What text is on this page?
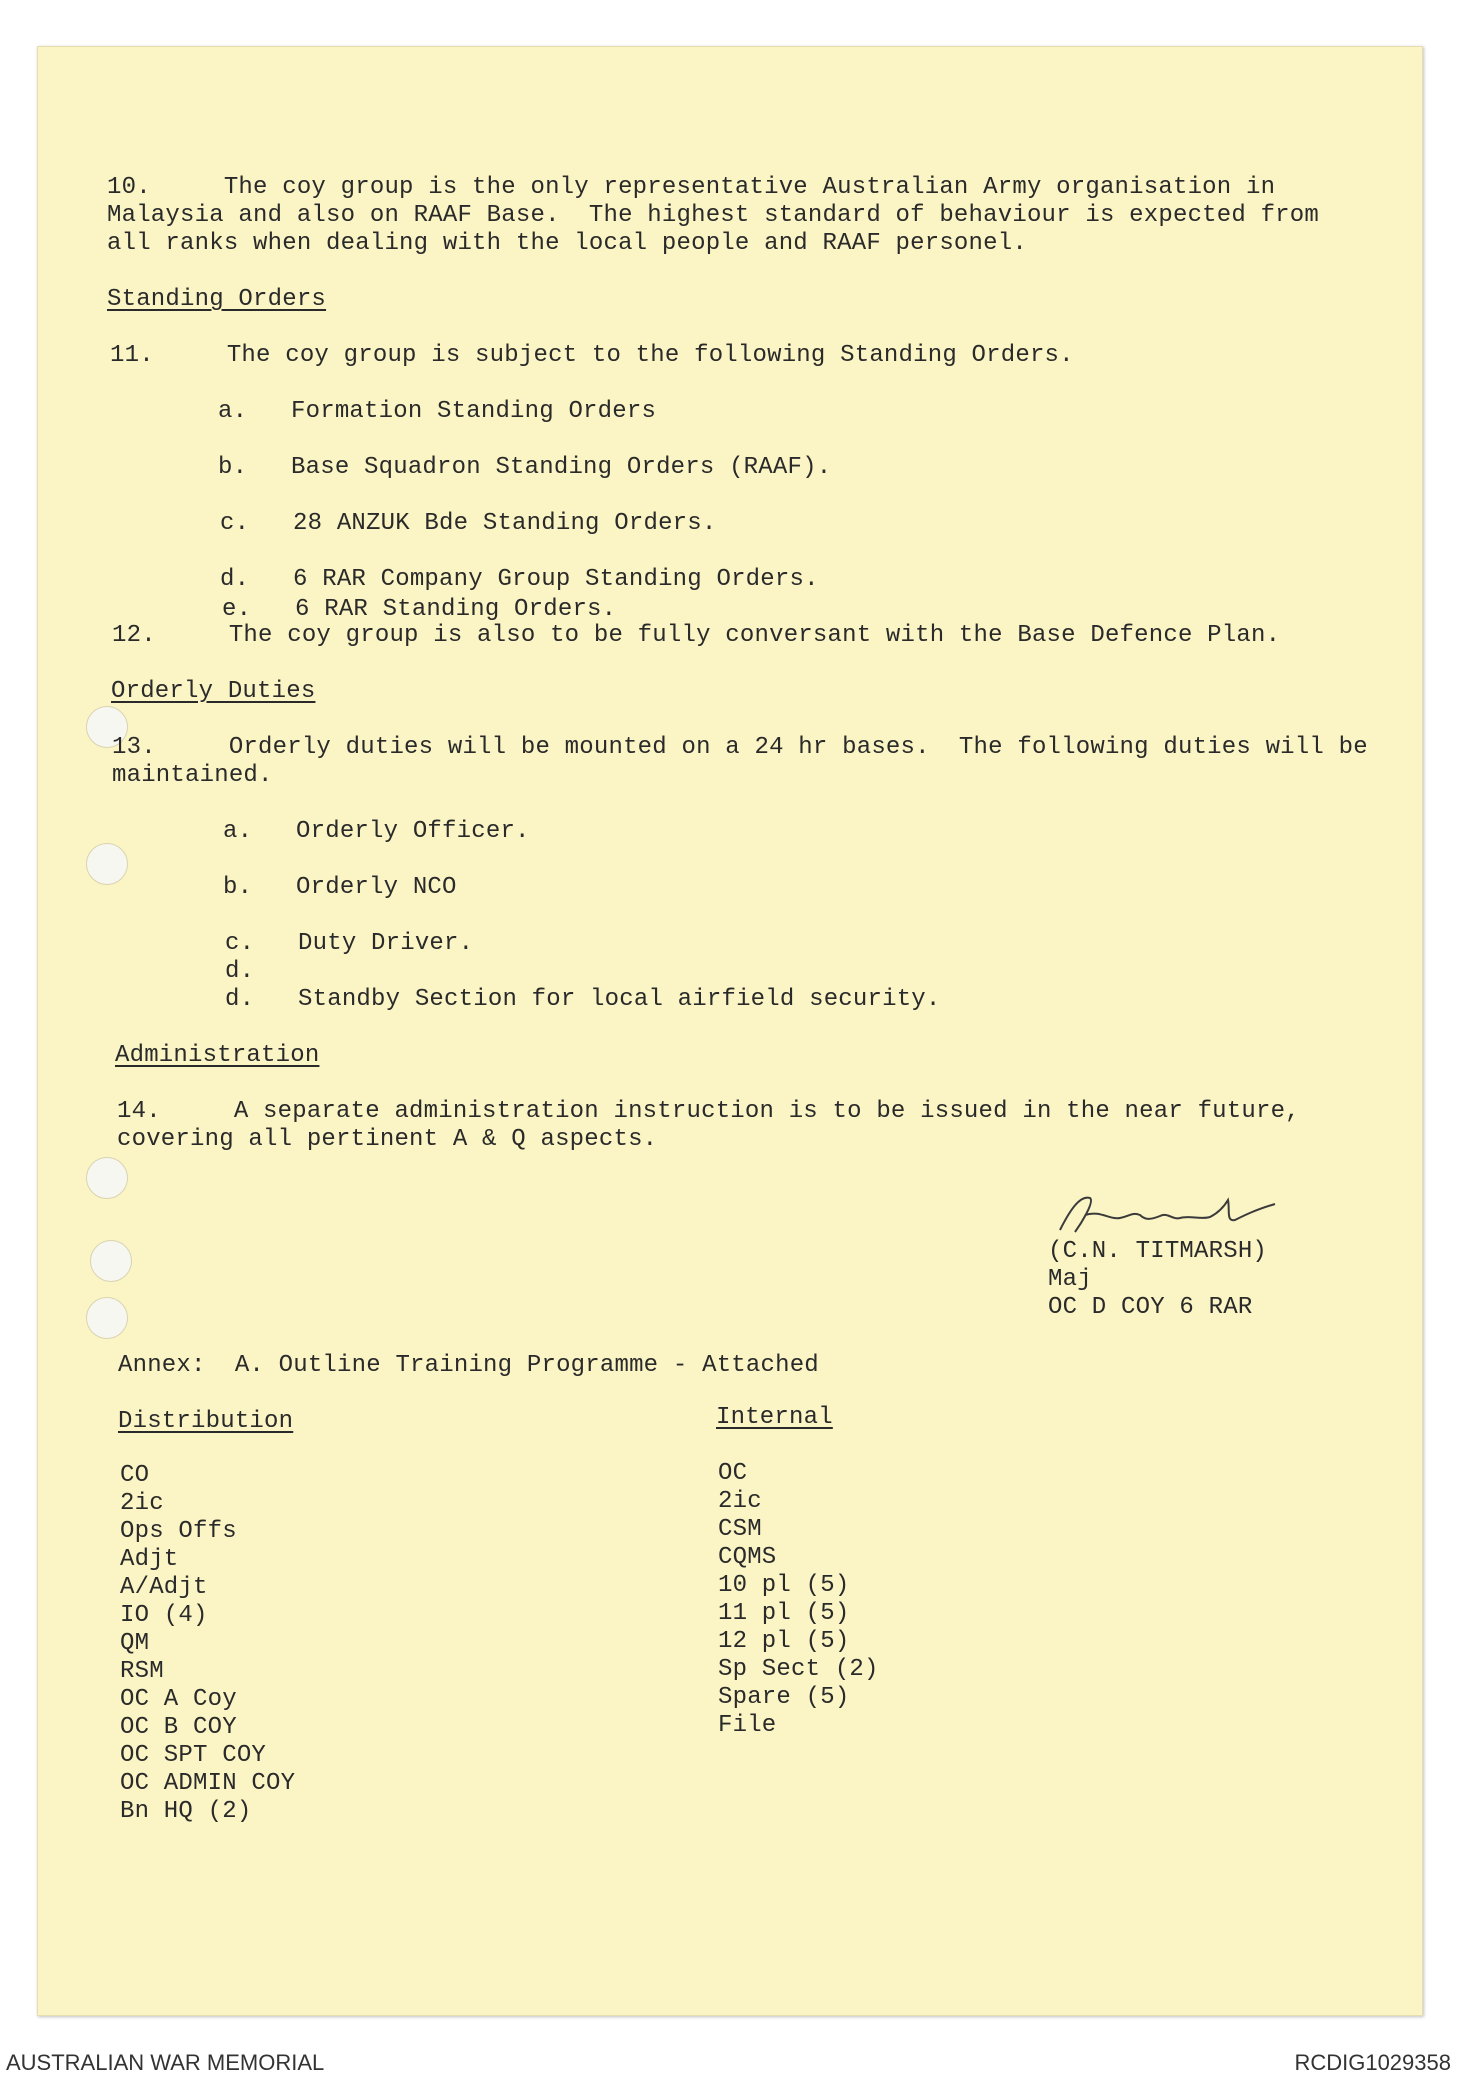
10.     The coy group is the only representative Australian Army organisation in
Malaysia and also on RAAF Base.  The highest standard of behaviour is expected from
all ranks when dealing with the local people and RAAF personel.
Standing Orders
11.     The coy group is subject to the following Standing Orders.
a.   Formation Standing Orders
b.   Base Squadron Standing Orders (RAAF).
c.   28 ANZUK Bde Standing Orders.
d.   6 RAR Company Group Standing Orders.
e.   6 RAR Standing Orders.
12.     The coy group is also to be fully conversant with the Base Defence Plan.
Orderly Duties
13.     Orderly duties will be mounted on a 24 hr bases.  The following duties will be
maintained.
a.   Orderly Officer.
b.   Orderly NCO
c.   Duty Driver.
d.
d.   Standby Section for local airfield security.
Administration
14.     A separate administration instruction is to be issued in the near future,
covering all pertinent A & Q aspects.
(C.N. TITMARSH)
Maj
OC D COY 6 RAR
Annex:  A. Outline Training Programme - Attached
Distribution
CO
2ic
Ops Offs
Adjt
A/Adjt
IO (4)
QM
RSM
OC A Coy
OC B COY
OC SPT COY
OC ADMIN COY
Bn HQ (2)
Internal
OC
2ic
CSM
CQMS
10 pl (5)
11 pl (5)
12 pl (5)
Sp Sect (2)
Spare (5)
File
AUSTRALIAN WAR MEMORIAL	RCDIG1029358
